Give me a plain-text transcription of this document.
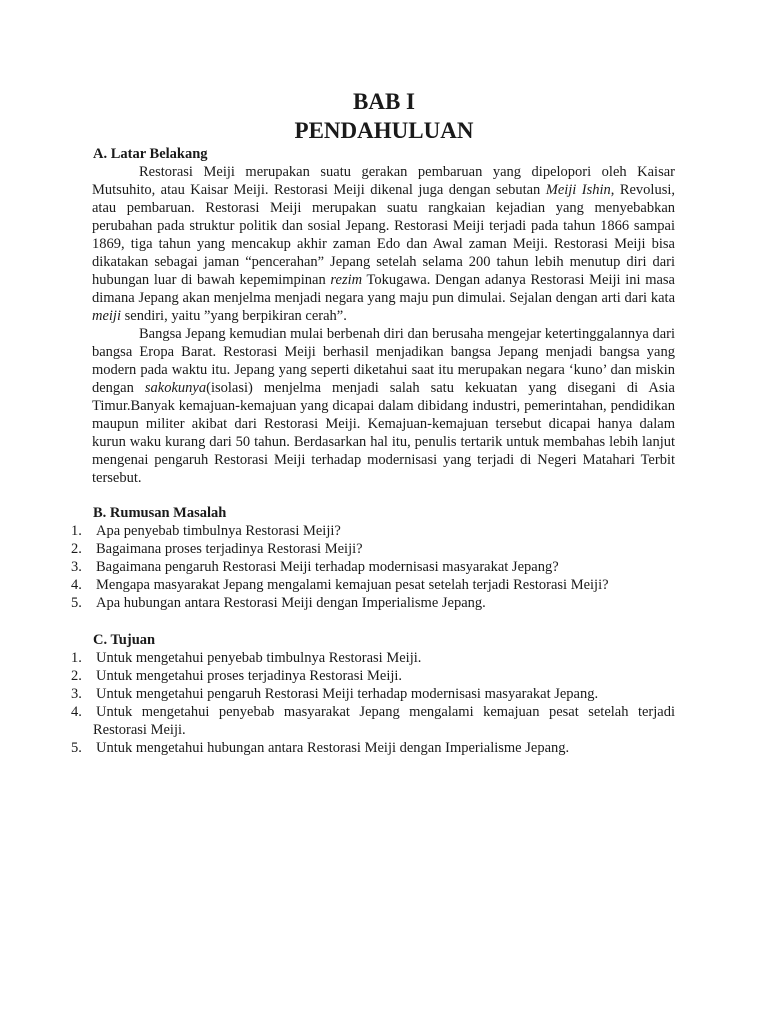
BAB I
PENDAHULUAN
A. Latar Belakang

Restorasi Meiji merupakan suatu gerakan pembaruan yang dipelopori oleh Kaisar Mutsuhito, atau Kaisar Meiji. Restorasi Meiji dikenal juga dengan sebutan Meiji Ishin, Revolusi, atau pembaruan. Restorasi Meiji merupakan suatu rangkaian kejadian yang menyebabkan perubahan pada struktur politik dan sosial Jepang. Restorasi Meiji terjadi pada tahun 1866 sampai 1869, tiga tahun yang mencakup akhir zaman Edo dan Awal zaman Meiji. Restorasi Meiji bisa dikatakan sebagai jaman “pencerahan” Jepang setelah selama 200 tahun lebih menutup diri dari hubungan luar di bawah kepemimpinan rezim Tokugawa. Dengan adanya Restorasi Meiji ini masa dimana Jepang akan menjelma menjadi negara yang maju pun dimulai. Sejalan dengan arti dari kata meiji sendiri, yaitu ”yang berpikiran cerah”.

Bangsa Jepang kemudian mulai berbenah diri dan berusaha mengejar ketertinggalannya dari bangsa Eropa Barat. Restorasi Meiji berhasil menjadikan bangsa Jepang menjadi bangsa yang modern pada waktu itu. Jepang yang seperti diketahui saat itu merupakan negara ‘kuno’ dan miskin dengan sakokunya(isolasi) menjelma menjadi salah satu kekuatan yang disegani di Asia Timur.Banyak kemajuan-kemajuan yang dicapai dalam dibidang industri, pemerintahan, pendidikan maupun militer akibat dari Restorasi Meiji. Kemajuan-kemajuan tersebut dicapai hanya dalam kurun waku kurang dari 50 tahun. Berdasarkan hal itu, penulis tertarik untuk membahas lebih lanjut mengenai pengaruh Restorasi Meiji terhadap modernisasi yang terjadi di Negeri Matahari Terbit tersebut.

B. Rumusan Masalah
1. Apa penyebab timbulnya Restorasi Meiji?
2. Bagaimana proses terjadinya Restorasi Meiji?
3. Bagaimana pengaruh Restorasi Meiji terhadap modernisasi masyarakat Jepang?
4. Mengapa masyarakat Jepang mengalami kemajuan pesat setelah terjadi Restorasi Meiji?
5. Apa hubungan antara Restorasi Meiji dengan Imperialisme Jepang.
C. Tujuan
1. Untuk mengetahui penyebab timbulnya Restorasi Meiji.
2. Untuk mengetahui proses terjadinya Restorasi Meiji.
3. Untuk mengetahui pengaruh Restorasi Meiji terhadap modernisasi masyarakat Jepang.
4. Untuk mengetahui penyebab masyarakat Jepang mengalami kemajuan pesat setelah terjadi Restorasi Meiji.
5. Untuk mengetahui hubungan antara Restorasi Meiji dengan Imperialisme Jepang.
